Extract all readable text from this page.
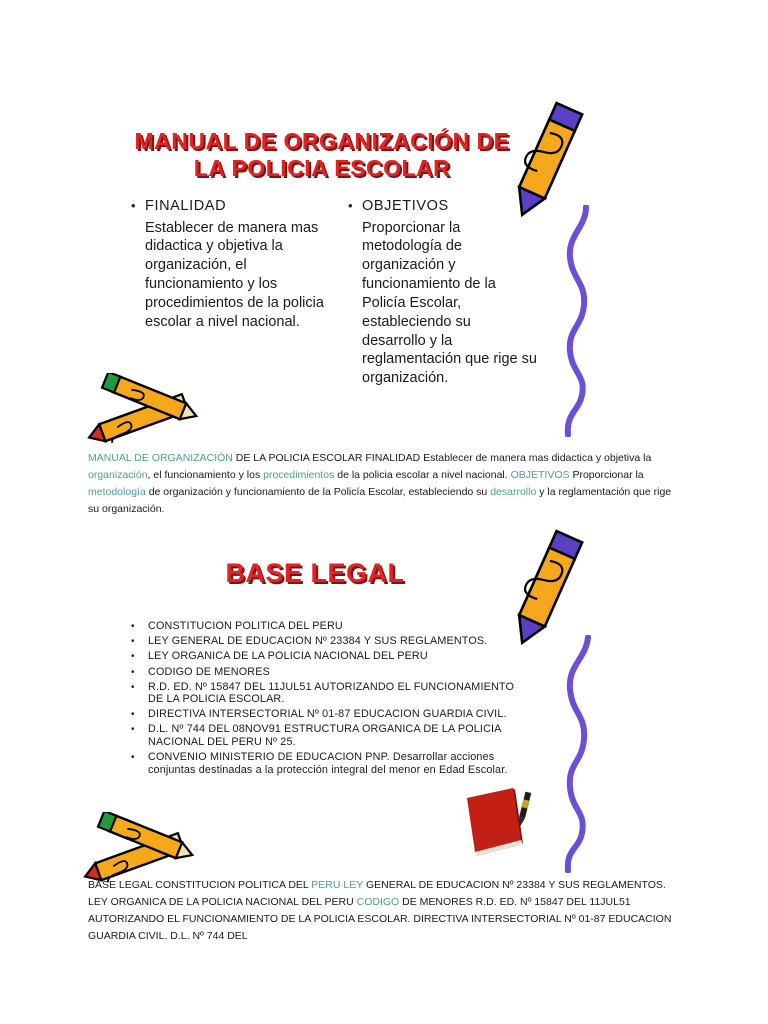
MANUAL DE ORGANIZACIÓN DE
LA POLICIA ESCOLAR
• FINALIDAD
Establecer de manera mas didactica y objetiva la organización, el funcionamiento y los procedimientos de la policia escolar a nivel nacional.
• OBJETIVOS
Proporcionar la metodología de organización y funcionamiento de la Policía Escolar, estableciendo su desarrollo y la reglamentación que rige su organización.
MANUAL DE ORGANIZACIÓN DE LA POLICIA ESCOLAR FINALIDAD Establecer de manera mas didactica y objetiva la organización, el funcionamiento y los procedimientos de la policia escolar a nivel nacional. OBJETIVOS Proporcionar la metodología de organización y funcionamiento de la Policía Escolar, estableciendo su desarrollo y la reglamentación que rige su organización.
BASE LEGAL
•	CONSTITUCION POLITICA DEL PERU
•	LEY GENERAL DE EDUCACION Nº 23384 Y SUS REGLAMENTOS.
•	LEY ORGANICA DE LA POLICIA NACIONAL DEL PERU
•	CODIGO DE MENORES
•	R.D. ED. Nº 15847 DEL 11JUL51 AUTORIZANDO EL FUNCIONAMIENTO DE LA POLICIA ESCOLAR.
•	DIRECTIVA INTERSECTORIAL Nº 01-87 EDUCACION GUARDIA CIVIL.
•	D.L. Nº 744 DEL 08NOV91 ESTRUCTURA ORGANICA DE LA POLICIA NACIONAL DEL PERU Nº 25.
•	CONVENIO MINISTERIO DE EDUCACION PNP. Desarrollar acciones conjuntas destinadas a la protección integral del menor en Edad Escolar.
BASE LEGAL CONSTITUCION POLITICA DEL PERU LEY GENERAL DE EDUCACION Nº 23384 Y SUS REGLAMENTOS. LEY ORGANICA DE LA POLICIA NACIONAL DEL PERU CODIGO DE MENORES R.D. ED. Nº 15847 DEL 11JUL51 AUTORIZANDO EL FUNCIONAMIENTO DE LA POLICIA ESCOLAR. DIRECTIVA INTERSECTORIAL Nº 01-87 EDUCACION GUARDIA CIVIL. D.L. Nº 744 DEL
